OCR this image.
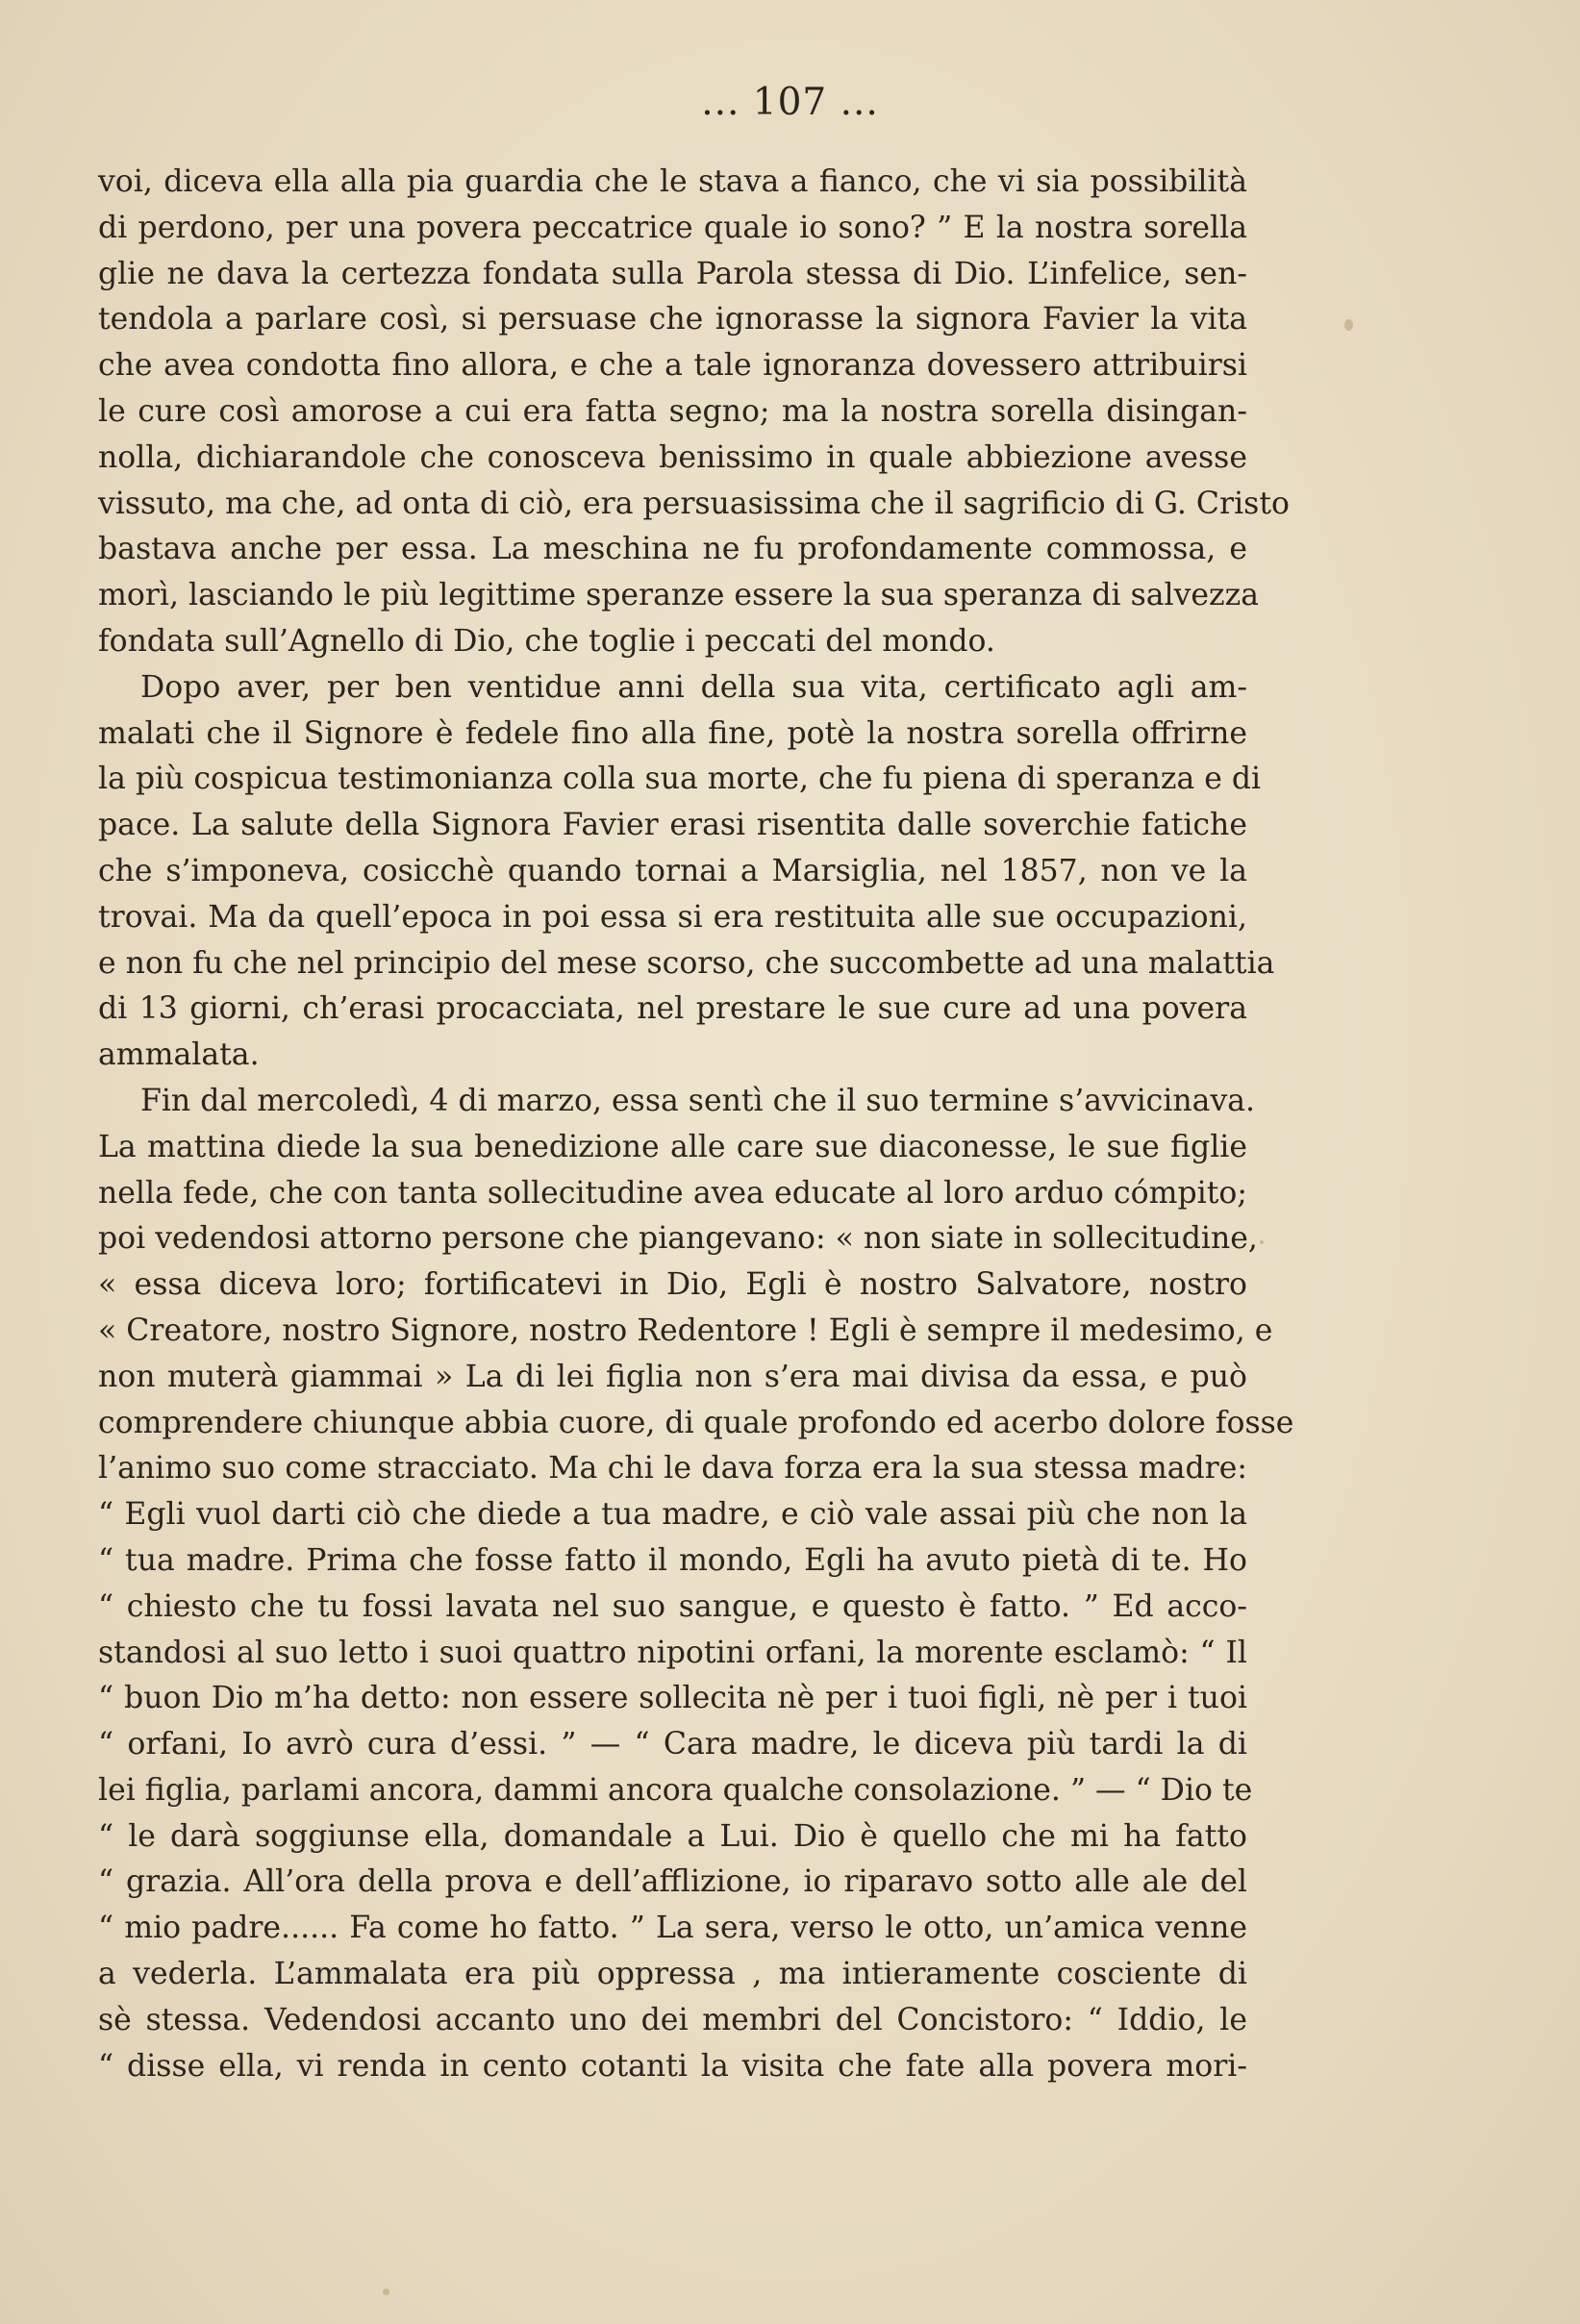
... 107 ...
voi, diceva ella alla pia guardia che le stava a fianco, che vi sia possibilità
di perdono, per una povera peccatrice quale io sono? ” E la nostra sorella
glie ne dava la certezza fondata sulla Parola stessa di Dio. L’infelice, sen-
tendola a parlare così, si persuase che ignorasse la signora Favier la vita
che avea condotta fino allora, e che a tale ignoranza dovessero attribuirsi
le cure così amorose a cui era fatta segno; ma la nostra sorella disingan-
nolla, dichiarandole che conosceva benissimo in quale abbiezione avesse
vissuto, ma che, ad onta di ciò, era persuasissima che il sagrificio di G. Cristo
bastava anche per essa. La meschina ne fu profondamente commossa, e
morì, lasciando le più legittime speranze essere la sua speranza di salvezza
fondata sull’Agnello di Dio, che toglie i peccati del mondo.
Dopo aver, per ben ventidue anni della sua vita, certificato agli am-
malati che il Signore è fedele fino alla fine, potè la nostra sorella offrirne
la più cospicua testimonianza colla sua morte, che fu piena di speranza e di
pace. La salute della Signora Favier erasi risentita dalle soverchie fatiche
che s’imponeva, cosicchè quando tornai a Marsiglia, nel 1857, non ve la
trovai. Ma da quell’epoca in poi essa si era restituita alle sue occupazioni,
e non fu che nel principio del mese scorso, che succombette ad una malattia
di 13 giorni, ch’erasi procacciata, nel prestare le sue cure ad una povera
ammalata.
Fin dal mercoledì, 4 di marzo, essa sentì che il suo termine s’avvicinava.
La mattina diede la sua benedizione alle care sue diaconesse, le sue figlie
nella fede, che con tanta sollecitudine avea educate al loro arduo cómpito;
poi vedendosi attorno persone che piangevano: « non siate in sollecitudine,
« essa diceva loro; fortificatevi in Dio, Egli è nostro Salvatore, nostro
« Creatore, nostro Signore, nostro Redentore ! Egli è sempre il medesimo, e
non muterà giammai » La di lei figlia non s’era mai divisa da essa, e può
comprendere chiunque abbia cuore, di quale profondo ed acerbo dolore fosse
l’animo suo come stracciato. Ma chi le dava forza era la sua stessa madre:
“ Egli vuol darti ciò che diede a tua madre, e ciò vale assai più che non la
“ tua madre. Prima che fosse fatto il mondo, Egli ha avuto pietà di te. Ho
“ chiesto che tu fossi lavata nel suo sangue, e questo è fatto. ” Ed acco-
standosi al suo letto i suoi quattro nipotini orfani, la morente esclamò: “ Il
“ buon Dio m’ha detto: non essere sollecita nè per i tuoi figli, nè per i tuoi
“ orfani, Io avrò cura d’essi. ” — “ Cara madre, le diceva più tardi la di
lei figlia, parlami ancora, dammi ancora qualche consolazione. ” — “ Dio te
“ le darà soggiunse ella, domandale a Lui. Dio è quello che mi ha fatto
“ grazia. All’ora della prova e dell’afflizione, io riparavo sotto alle ale del
“ mio padre...... Fa come ho fatto. ” La sera, verso le otto, un’amica venne
a vederla. L’ammalata era più oppressa , ma intieramente cosciente di
sè stessa. Vedendosi accanto uno dei membri del Concistoro: “ Iddio, le
“ disse ella, vi renda in cento cotanti la visita che fate alla povera mori-
